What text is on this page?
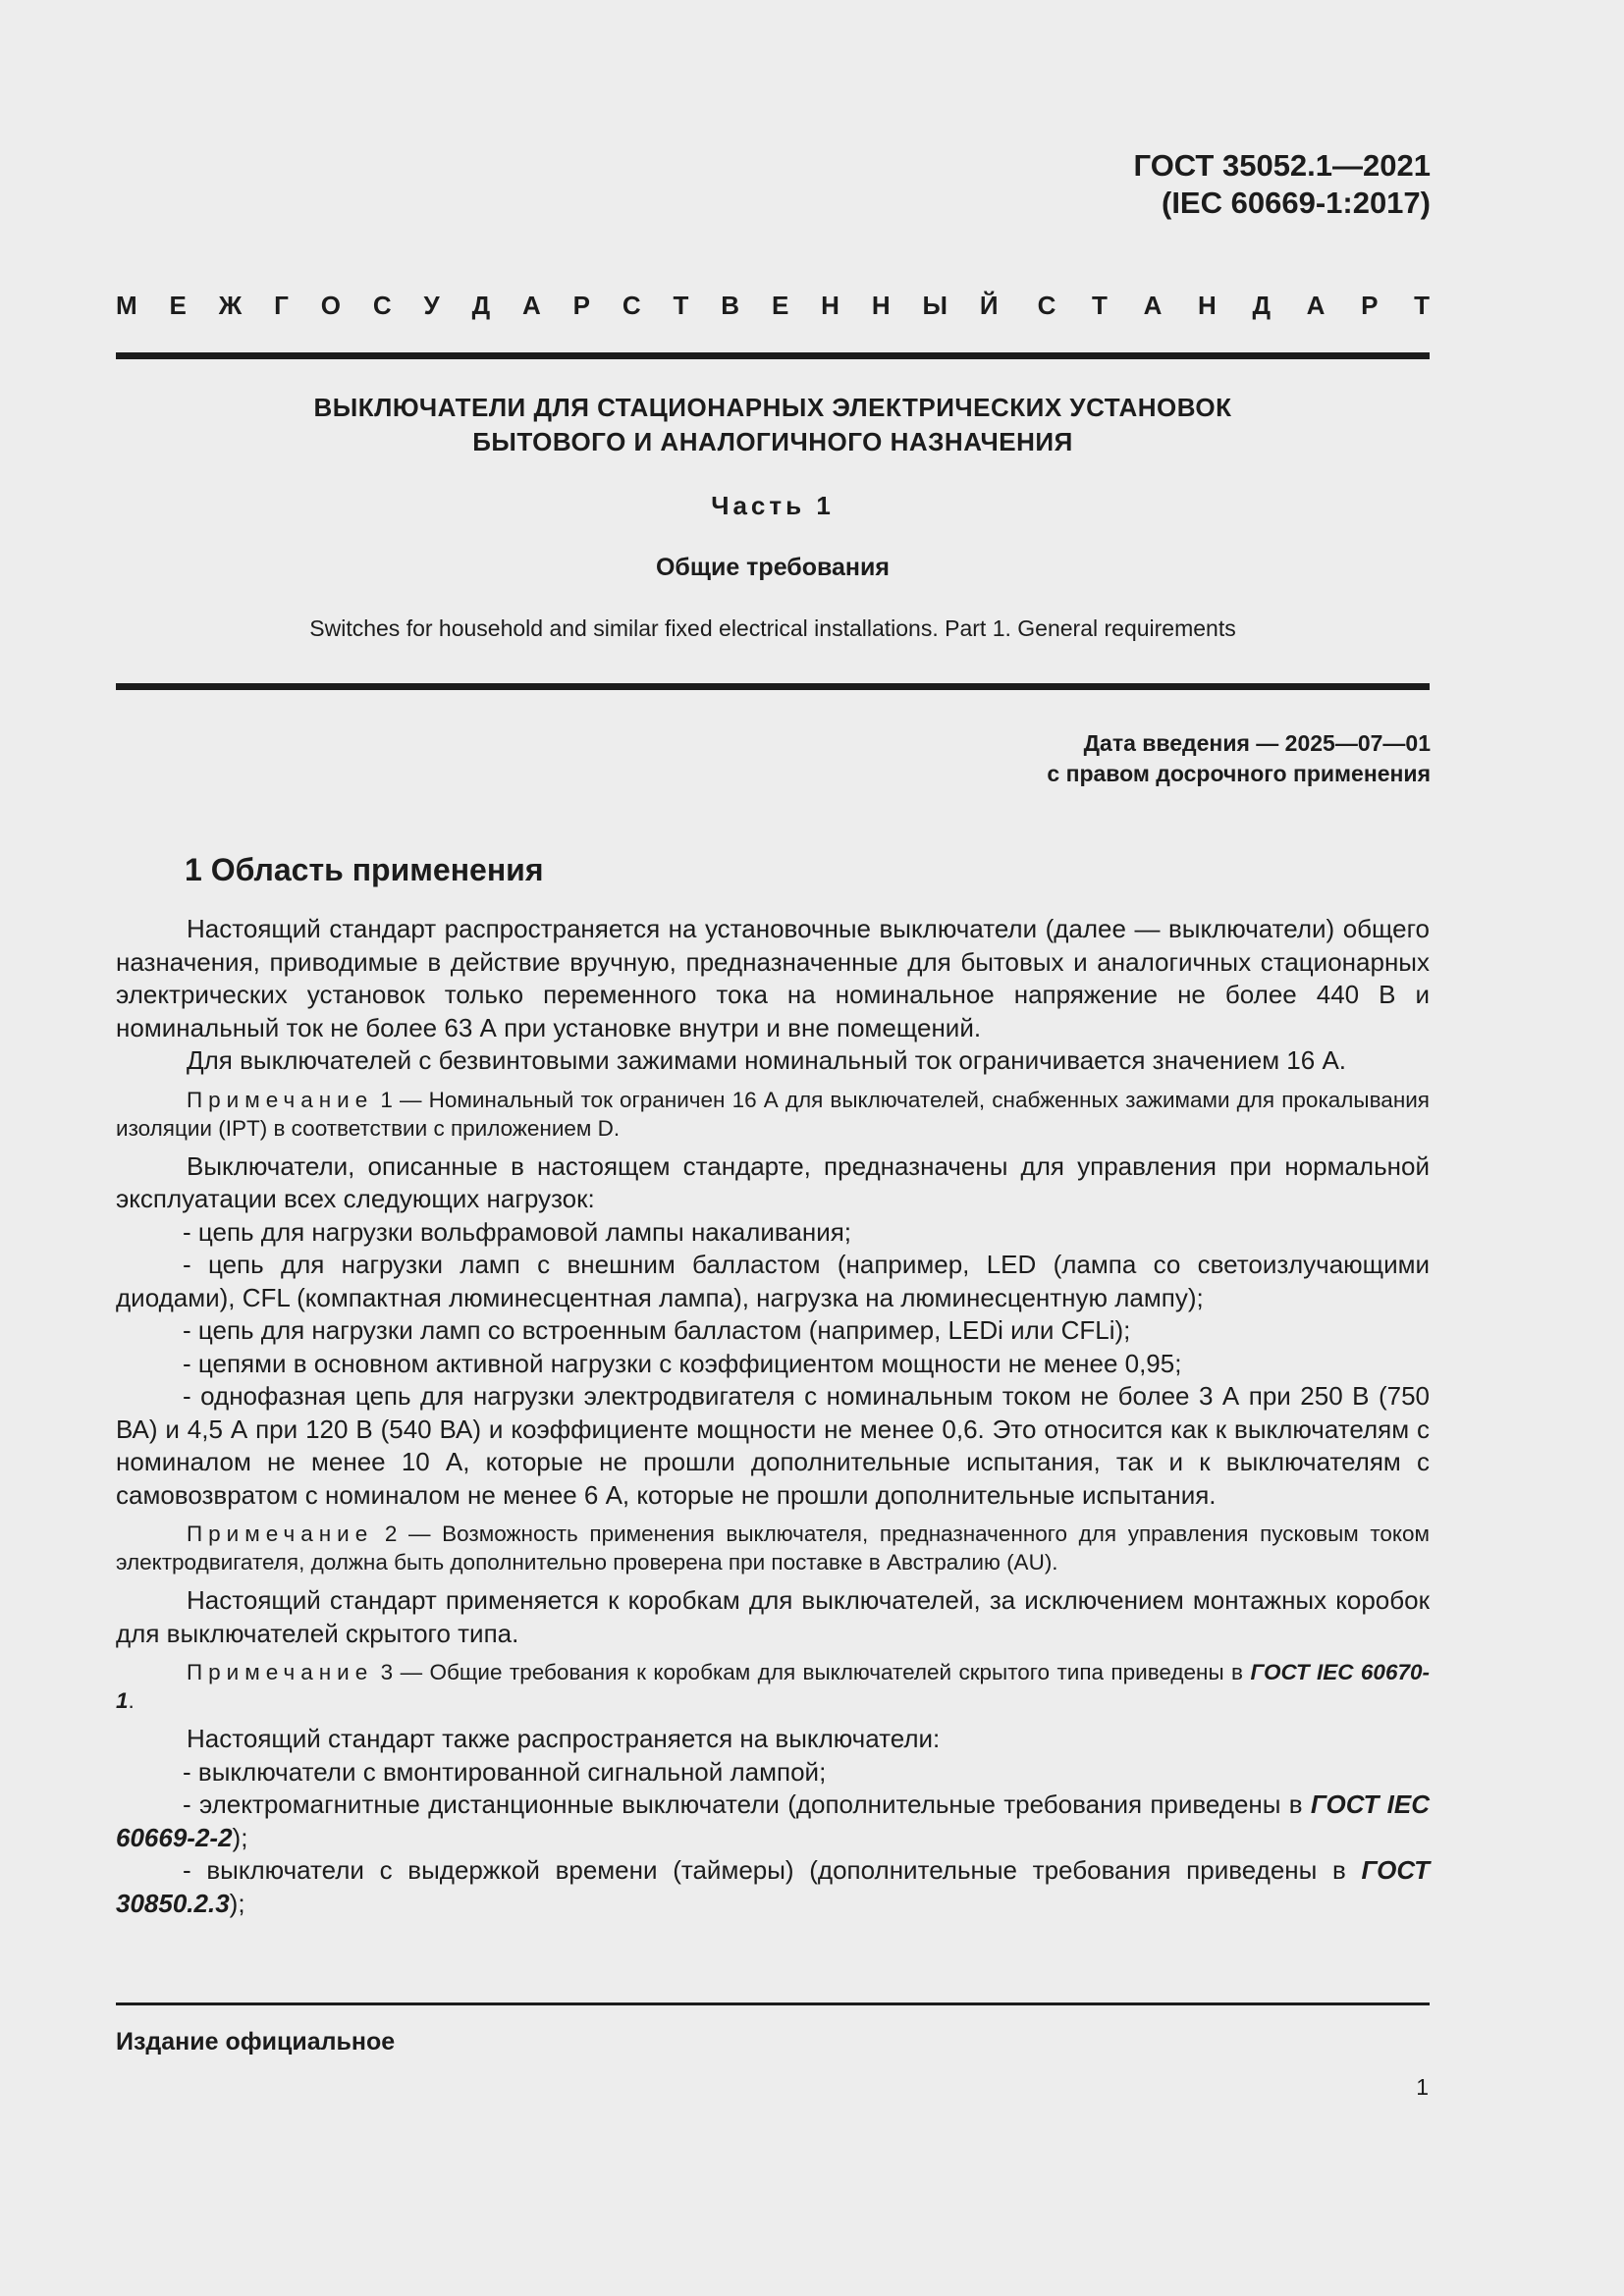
ГОСТ 35052.1—2021
(IEC 60669-1:2017)
М Е Ж Г О С У Д А Р С Т В Е Н Н Ы Й С Т А Н Д А Р Т
ВЫКЛЮЧАТЕЛИ ДЛЯ СТАЦИОНАРНЫХ ЭЛЕКТРИЧЕСКИХ УСТАНОВОК
БЫТОВОГО И АНАЛОГИЧНОГО НАЗНАЧЕНИЯ
Часть 1
Общие требования
Switches for household and similar fixed electrical installations. Part 1. General requirements
Дата введения — 2025—07—01
с правом досрочного применения
1 Область применения

Настоящий стандарт распространяется на установочные выключатели (далее — выключатели) общего назначения, приводимые в действие вручную, предназначенные для бытовых и аналогичных стационарных электрических установок только переменного тока на номинальное напряжение не более 440 В и номинальный ток не более 63 А при установке внутри и вне помещений.

Для выключателей с безвинтовыми зажимами номинальный ток ограничивается значением 16 А.

Примечание 1 — Номинальный ток ограничен 16 А для выключателей, снабженных зажимами для прокалывания изоляции (IPT) в соответствии с приложением D.

Выключатели, описанные в настоящем стандарте, предназначены для управления при нормальной эксплуатации всех следующих нагрузок:

- цепь для нагрузки вольфрамовой лампы накаливания;

- цепь для нагрузки ламп с внешним балластом (например, LED (лампа со светоизлучающими диодами), CFL (компактная люминесцентная лампа), нагрузка на люминесцентную лампу);

- цепь для нагрузки ламп со встроенным балластом (например, LEDi или CFLi);

- цепями в основном активной нагрузки с коэффициентом мощности не менее 0,95;

- однофазная цепь для нагрузки электродвигателя с номинальным током не более 3 А при 250 В (750 ВА) и 4,5 А при 120 В (540 ВА) и коэффициенте мощности не менее 0,6. Это относится как к выключателям с номиналом не менее 10 А, которые не прошли дополнительные испытания, так и к выключателям с самовозвратом с номиналом не менее 6 А, которые не прошли дополнительные испытания.

Примечание 2 — Возможность применения выключателя, предназначенного для управления пусковым током электродвигателя, должна быть дополнительно проверена при поставке в Австралию (AU).

Настоящий стандарт применяется к коробкам для выключателей, за исключением монтажных коробок для выключателей скрытого типа.

Примечание 3 — Общие требования к коробкам для выключателей скрытого типа приведены в ГОСТ IEC 60670-1.

Настоящий стандарт также распространяется на выключатели:

- выключатели с вмонтированной сигнальной лампой;

- электромагнитные дистанционные выключатели (дополнительные требования приведены в ГОСТ IEC 60669-2-2);

- выключатели с выдержкой времени (таймеры) (дополнительные требования приведены в ГОСТ 30850.2.3);

Издание официальное
1
